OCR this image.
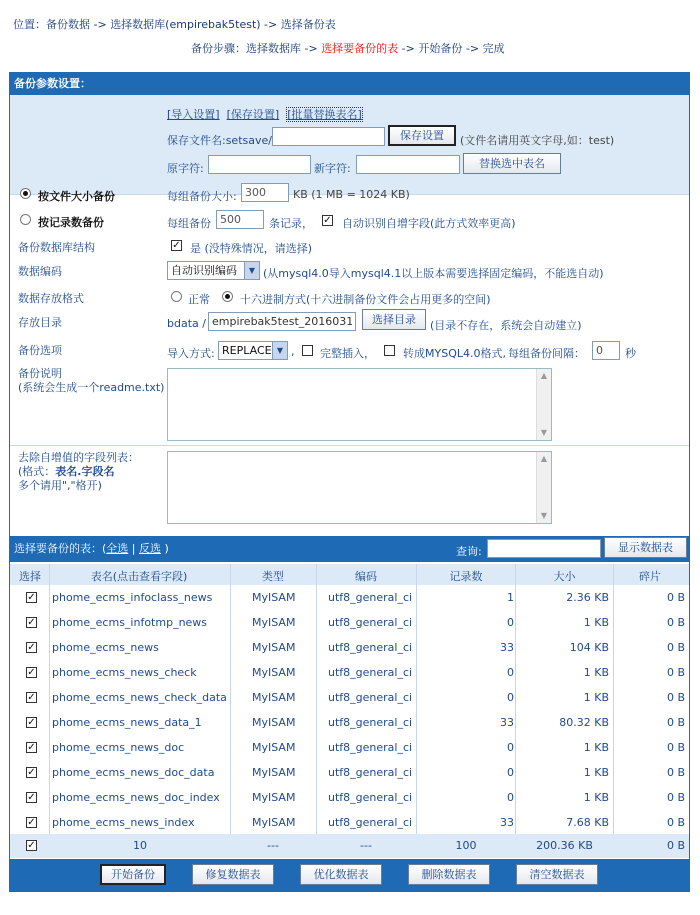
位置：备份数据 -> 选择数据库(empirebak5test) -> 选择备份表
备份步骤：选择数据库 -> 选择要备份的表 -> 开始备份 -> 完成
备份参数设置：
[导入设置] [保存设置] [批量替换表名]
保存文件名:setsave/	保存设置	(文件名请用英文字母,如：test)
原字符:	新字符:	替换选中表名
按文件大小备份	每组备份大小:
300	KB (1 MB = 1024 KB)
按记录数备份	每组备份
500	条记录， ✓ 自动识别自增字段(此方式效率更高)
备份数据库结构	✓ 是 (没特殊情况，请选择)
数据编码	自动识别编码	▼ (从mysql4.0导入mysql4.1以上版本需要选择固定编码，不能选自动)
数据存放格式	正常	十六进制方式(十六进制备份文件会占用更多的空间)
存放目录	bdata /
empirebak5test_20160318112	选择目录	(目录不存在，系统会自动建立)
备份选项	导入方式: REPLACE ▼ , 完整插入，	转成MYSQL4.0格式, 每组备份间隔：
0	秒
备份说明
(系统会生成一个readme.txt)
▲
▼
去除自增值的字段列表：
(格式：表名.字段名
多个请用","格开)
▲
▼
选择要备份的表：(全选 | 反选 )	查询:	显示数据表
选择	表名(点击查看字段)	类型	编码	记录数	大小	碎片
✓ phome_ecms_infoclass_news	MyISAM	utf8_general_ci	1	2.36 KB	0 B
✓ phome_ecms_infotmp_news	MyISAM	utf8_general_ci	0	1 KB	0 B
✓ phome_ecms_news	MyISAM	utf8_general_ci	33	104 KB	0 B
✓ phome_ecms_news_check	MyISAM	utf8_general_ci	0	1 KB	0 B
✓ phome_ecms_news_check_data MyISAM	utf8_general_ci	0	1 KB	0 B
✓ phome_ecms_news_data_1	MyISAM	utf8_general_ci	33	80.32 KB	0 B
✓ phome_ecms_news_doc	MyISAM	utf8_general_ci	0	1 KB	0 B
✓ phome_ecms_news_doc_data	MyISAM	utf8_general_ci	0	1 KB	0 B
✓ phome_ecms_news_doc_index	MyISAM	utf8_general_ci	0	1 KB	0 B
✓ phome_ecms_news_index	MyISAM	utf8_general_ci	33	7.68 KB	0 B
✓	10	---	---	100	200.36 KB	0 B
开始备份	修复数据表	优化数据表	删除数据表	清空数据表
